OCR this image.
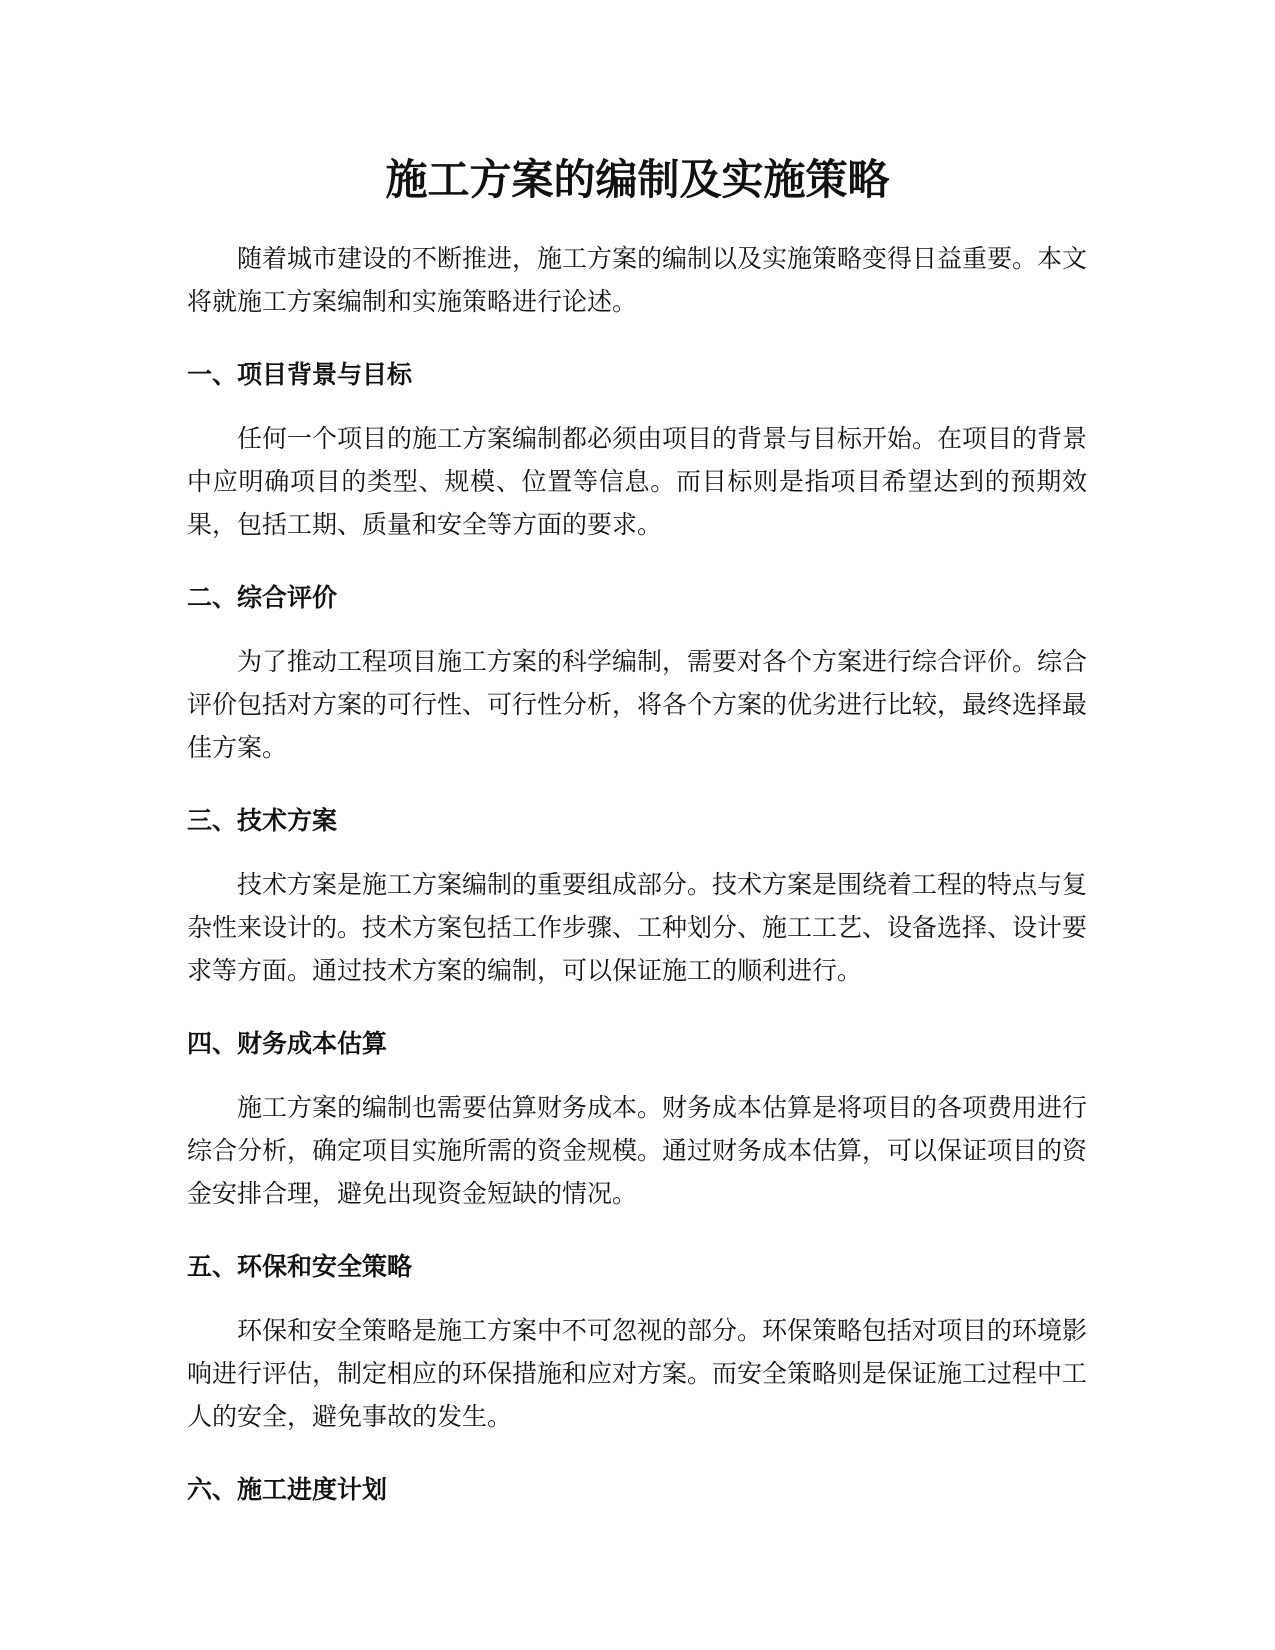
施工方案的编制及实施策略

随着城市建设的不断推进，施工方案的编制以及实施策略变得日益重要。本文将就施工方案编制和实施策略进行论述。

一、项目背景与目标

任何一个项目的施工方案编制都必须由项目的背景与目标开始。在项目的背景中应明确项目的类型、规模、位置等信息。而目标则是指项目希望达到的预期效果，包括工期、质量和安全等方面的要求。

二、综合评价

为了推动工程项目施工方案的科学编制，需要对各个方案进行综合评价。综合评价包括对方案的可行性、可行性分析，将各个方案的优劣进行比较，最终选择最佳方案。

三、技术方案

技术方案是施工方案编制的重要组成部分。技术方案是围绕着工程的特点与复杂性来设计的。技术方案包括工作步骤、工种划分、施工工艺、设备选择、设计要求等方面。通过技术方案的编制，可以保证施工的顺利进行。

四、财务成本估算

施工方案的编制也需要估算财务成本。财务成本估算是将项目的各项费用进行综合分析，确定项目实施所需的资金规模。通过财务成本估算，可以保证项目的资金安排合理，避免出现资金短缺的情况。

五、环保和安全策略

环保和安全策略是施工方案中不可忽视的部分。环保策略包括对项目的环境影响进行评估，制定相应的环保措施和应对方案。而安全策略则是保证施工过程中工人的安全，避免事故的发生。

六、施工进度计划
